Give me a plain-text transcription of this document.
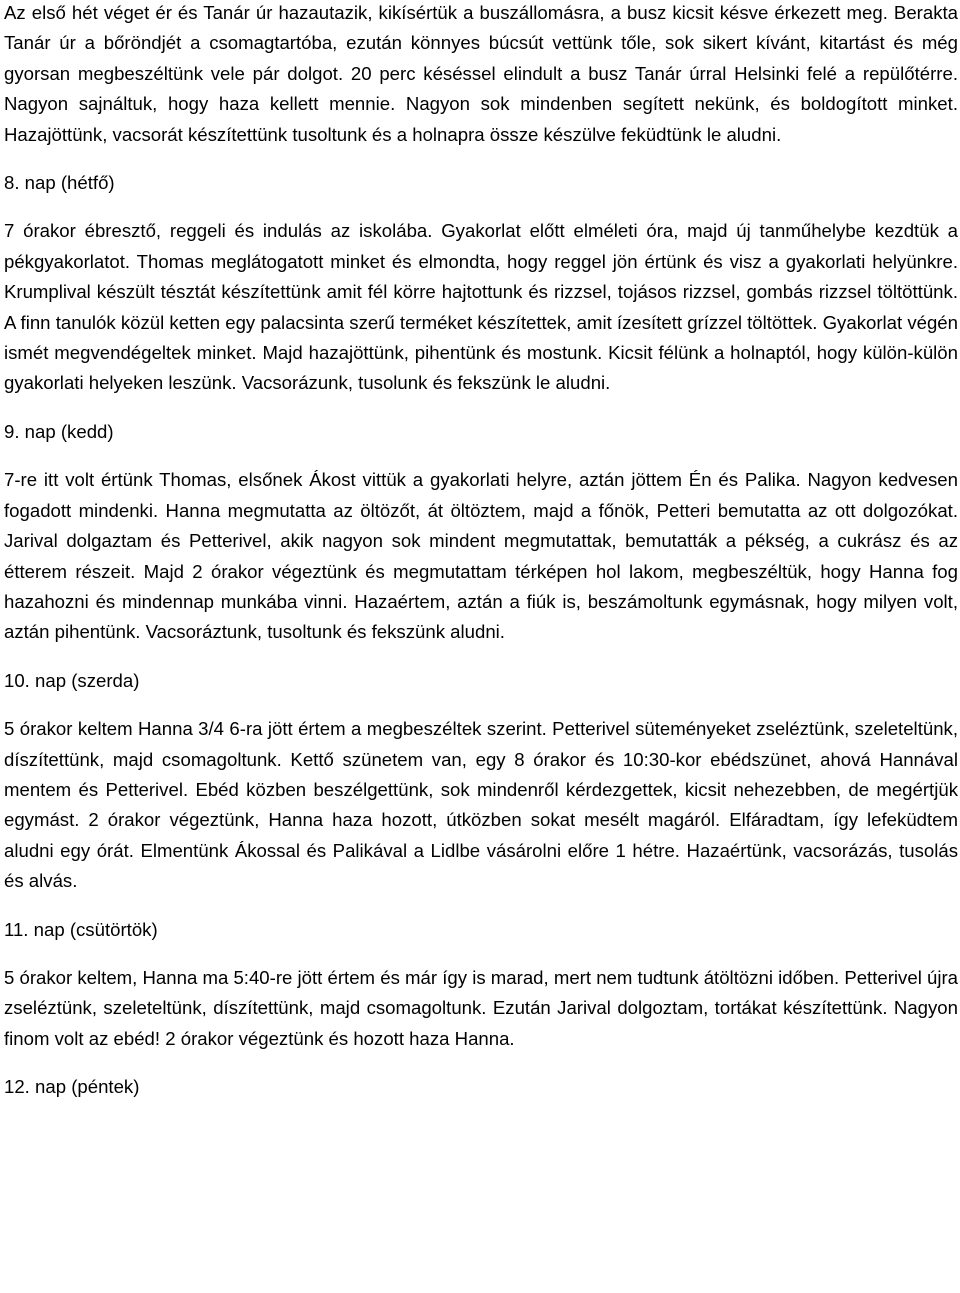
Az első hét véget ér és Tanár úr hazautazik, kikísértük a buszállomásra, a busz kicsit késve érkezett meg. Berakta Tanár úr a bőröndjét a csomagtartóba, ezután könnyes búcsút vettünk tőle, sok sikert kívánt, kitartást és még gyorsan megbeszéltünk vele pár dolgot. 20 perc késéssel elindult a busz Tanár úrral Helsinki felé a repülőtérre. Nagyon sajnáltuk, hogy haza kellett mennie. Nagyon sok mindenben segített nekünk, és boldogított minket. Hazajöttünk, vacsorát készítettünk tusoltunk és a holnapra össze készülve feküdtünk le aludni.

8. nap (hétfő)

7 órakor ébresztő, reggeli és indulás az iskolába. Gyakorlat előtt elméleti óra, majd új tanműhelybe kezdtük a pékgyakorlatot. Thomas meglátogatott minket és elmondta, hogy reggel jön értünk és visz a gyakorlati helyünkre. Krumplival készült tésztát készítettünk amit fél körre hajtottunk és rizzsel, tojásos rizzsel, gombás rizzsel töltöttünk. A finn tanulók közül ketten egy palacsinta szerű terméket készítettek, amit ízesített grízzel töltöttek. Gyakorlat végén ismét megvendégeltek minket. Majd hazajöttünk, pihentünk és mostunk. Kicsit félünk a holnaptól, hogy külön-külön gyakorlati helyeken leszünk. Vacsorázunk, tusolunk és fekszünk le aludni.

9. nap (kedd)

7-re itt volt értünk Thomas, elsőnek Ákost vittük a gyakorlati helyre, aztán jöttem Én és Palika. Nagyon kedvesen fogadott mindenki. Hanna megmutatta az öltözőt, át öltöztem, majd a főnök, Petteri bemutatta az ott dolgozókat. Jarival dolgaztam és Petterivel, akik nagyon sok mindent megmutattak, bemutatták a pékség, a cukrász és az étterem részeit. Majd 2 órakor végeztünk és megmutattam térképen hol lakom, megbeszéltük, hogy Hanna fog hazahozni és mindennap munkába vinni. Hazaértem, aztán a fiúk is, beszámoltunk egymásnak, hogy milyen volt, aztán pihentünk. Vacsoráztunk, tusoltunk és fekszünk aludni.

10. nap (szerda)

5 órakor keltem Hanna 3/4 6-ra jött értem a megbeszéltek szerint. Petterivel süteményeket zseléztünk, szeleteltünk, díszítettünk, majd csomagoltunk. Kettő szünetem van, egy 8 órakor és 10:30-kor ebédszünet, ahová Hannával mentem és Petterivel. Ebéd közben beszélgettünk, sok mindenről kérdezgettek, kicsit nehezebben, de megértjük egymást. 2 órakor végeztünk, Hanna haza hozott, útközben sokat mesélt magáról. Elfáradtam, így lefeküdtem aludni egy órát. Elmentünk Ákossal és Palikával a Lidlbe vásárolni előre 1 hétre. Hazaértünk, vacsorázás, tusolás és alvás.

11. nap (csütörtök)

5 órakor keltem, Hanna ma 5:40-re jött értem és már így is marad, mert nem tudtunk átöltözni időben. Petterivel újra zseléztünk, szeleteltünk, díszítettünk, majd csomagoltunk. Ezután Jarival dolgoztam, tortákat készítettünk. Nagyon finom volt az ebéd! 2 órakor végeztünk és hozott haza Hanna.

12. nap (péntek)
